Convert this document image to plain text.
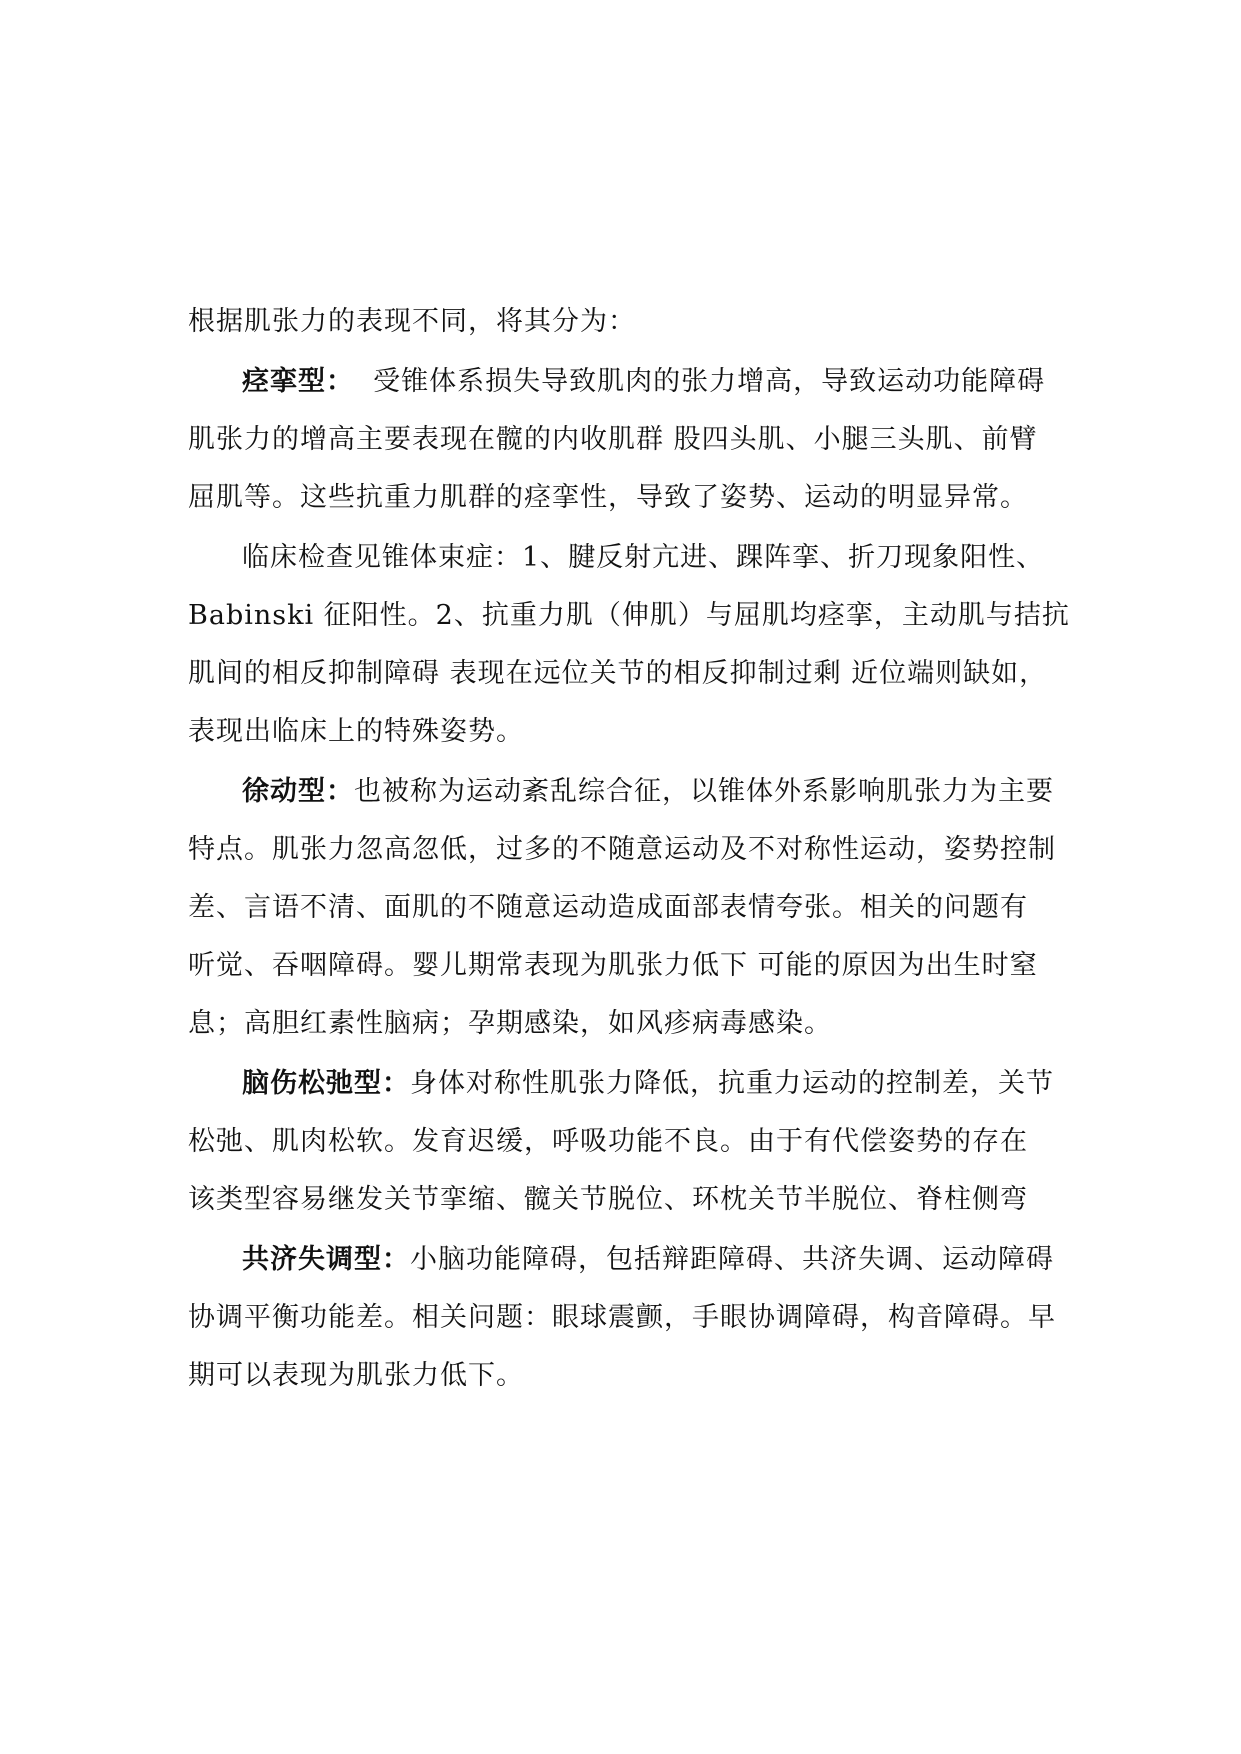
根据肌张力的表现不同，将其分为：
痉挛型：  受锥体系损失导致肌肉的张力增高，导致运动功能障碍
肌张力的增高主要表现在髋的内收肌群 股四头肌、小腿三头肌、前臂
屈肌等。这些抗重力肌群的痉挛性，导致了姿势、运动的明显异常。
临床检查见锥体束症：1、腱反射亢进、踝阵挛、折刀现象阳性、
Babinski 征阳性。2、抗重力肌（伸肌）与屈肌均痉挛，主动肌与拮抗
肌间的相反抑制障碍 表现在远位关节的相反抑制过剩 近位端则缺如，
表现出临床上的特殊姿势。
徐动型：也被称为运动紊乱综合征，以锥体外系影响肌张力为主要
特点。肌张力忽高忽低，过多的不随意运动及不对称性运动，姿势控制
差、言语不清、面肌的不随意运动造成面部表情夸张。相关的问题有
听觉、吞咽障碍。婴儿期常表现为肌张力低下 可能的原因为出生时窒
息；高胆红素性脑病；孕期感染，如风疹病毒感染。
脑伤松弛型：身体对称性肌张力降低，抗重力运动的控制差，关节
松弛、肌肉松软。发育迟缓，呼吸功能不良。由于有代偿姿势的存在
该类型容易继发关节挛缩、髋关节脱位、环枕关节半脱位、脊柱侧弯
共济失调型：小脑功能障碍，包括辩距障碍、共济失调、运动障碍
协调平衡功能差。相关问题：眼球震颤，手眼协调障碍，构音障碍。早
期可以表现为肌张力低下。
